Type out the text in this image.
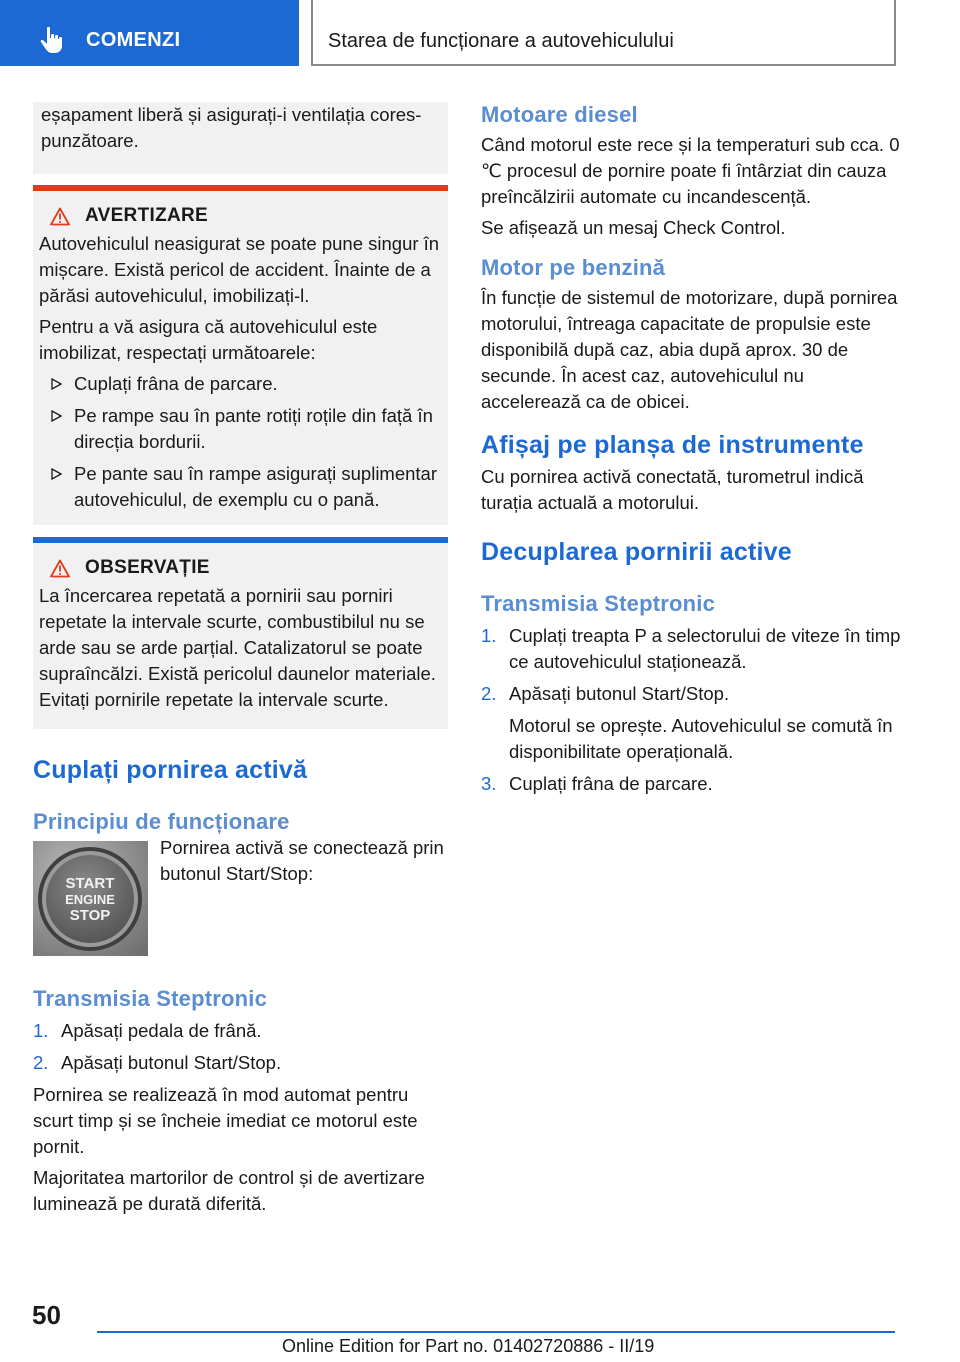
COMENZI	Starea de funcționare a autovehiculului

eșapament liberă și asigurați-i ventilația cores-
punzătoare.

AVERTIZARE

Autovehiculul neasigurat se poate pune singur în mișcare. Există pericol de accident. Înainte de a părăsi autovehiculul, imobilizați-l.

Pentru a vă asigura că autovehiculul este imobilizat, respectați următoarele:

Cuplați frâna de parcare.
Pe rampe sau în pante rotiți roțile din față în direcția bordurii.
Pe pante sau în rampe asigurați suplimentar autovehiculul, de exemplu cu o pană.
OBSERVAȚIE

La încercarea repetată a pornirii sau porniri repetate la intervale scurte, combustibilul nu se arde sau se arde parțial. Catalizatorul se poate supraîncălzi. Există pericolul daunelor materiale. Evitați pornirile repetate la intervale scurte.

Cuplați pornirea activă
Principiu de funcționare
START
ENGINE
STOP
Pornirea activă se conectează prin butonul Start/Stop:
Transmisia Steptronic
1. Apăsați pedala de frână.
2. Apăsați butonul Start/Stop.

Pornirea se realizează în mod automat pentru scurt timp și se încheie imediat ce motorul este pornit.

Majoritatea martorilor de control și de avertizare luminează pe durată diferită.

Motoare diesel

Când motorul este rece și la temperaturi sub cca. 0 ℃ procesul de pornire poate fi întârziat din cauza preîncălzirii automate cu incandescență.

Se afișează un mesaj Check Control.

Motor pe benzină

În funcție de sistemul de motorizare, după pornirea motorului, întreaga capacitate de propulsie este disponibilă după caz, abia după aprox. 30 de secunde. În acest caz, autovehiculul nu accelerează ca de obicei.

Afișaj pe planșa de instrumente

Cu pornirea activă conectată, turometrul indică turația actuală a motorului.

Decuplarea pornirii active
Transmisia Steptronic
1. Cuplați treapta P a selectorului de viteze în timp ce autovehiculul staționează.
2. Apăsați butonul Start/Stop.
Motorul se oprește. Autovehiculul se comută în disponibilitate operațională.
3. Cuplați frâna de parcare.
50
Online Edition for Part no. 01402720886 - II/19
